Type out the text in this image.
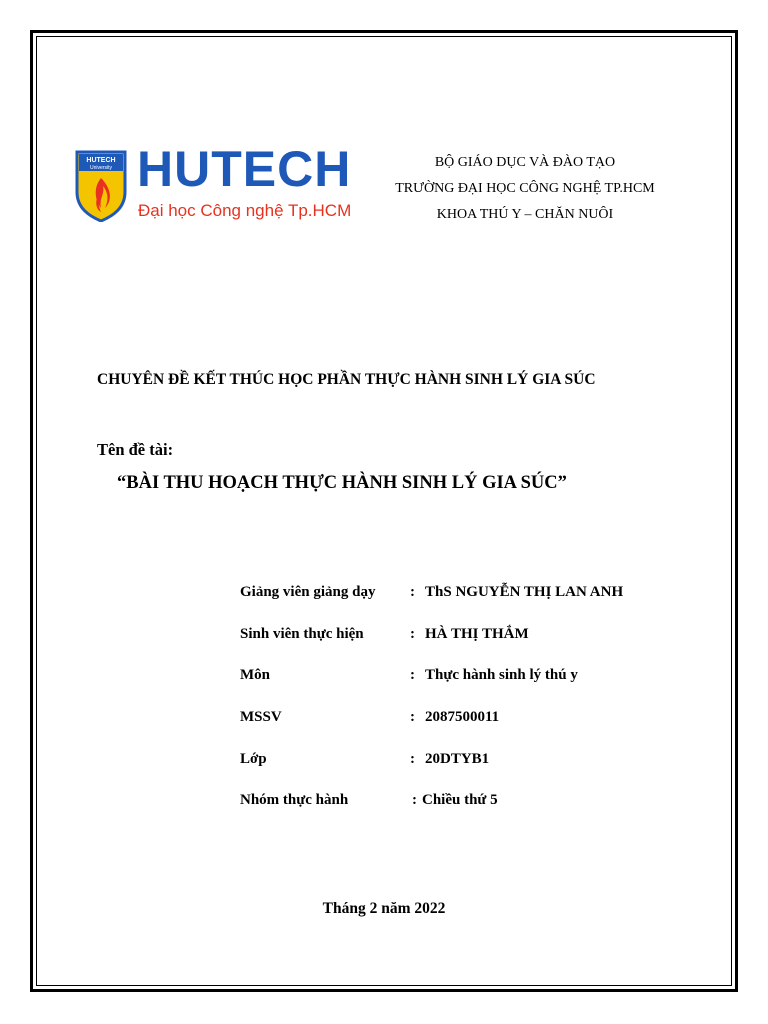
HUTECH
University HUTECH
Đại học Công nghệ Tp.HCM
BỘ GIÁO DỤC VÀ ĐÀO TẠO
TRƯỜNG ĐẠI HỌC CÔNG NGHỆ TP.HCM
KHOA THÚ Y – CHĂN NUÔI
CHUYÊN ĐỀ KẾT THÚC HỌC PHẦN THỰC HÀNH SINH LÝ GIA SÚC
Tên đề tài:
“BÀI THU HOẠCH THỰC HÀNH SINH LÝ GIA SÚC”
Giảng viên giảng dạy : ThS NGUYỄN THỊ LAN ANH
Sinh viên thực hiện	: HÀ THỊ THẮM
Môn	: Thực hành sinh lý thú y
MSSV	: 2087500011
Lớp	: 20DTYB1
Nhóm thực hành	: Chiều thứ 5
Tháng 2 năm 2022
